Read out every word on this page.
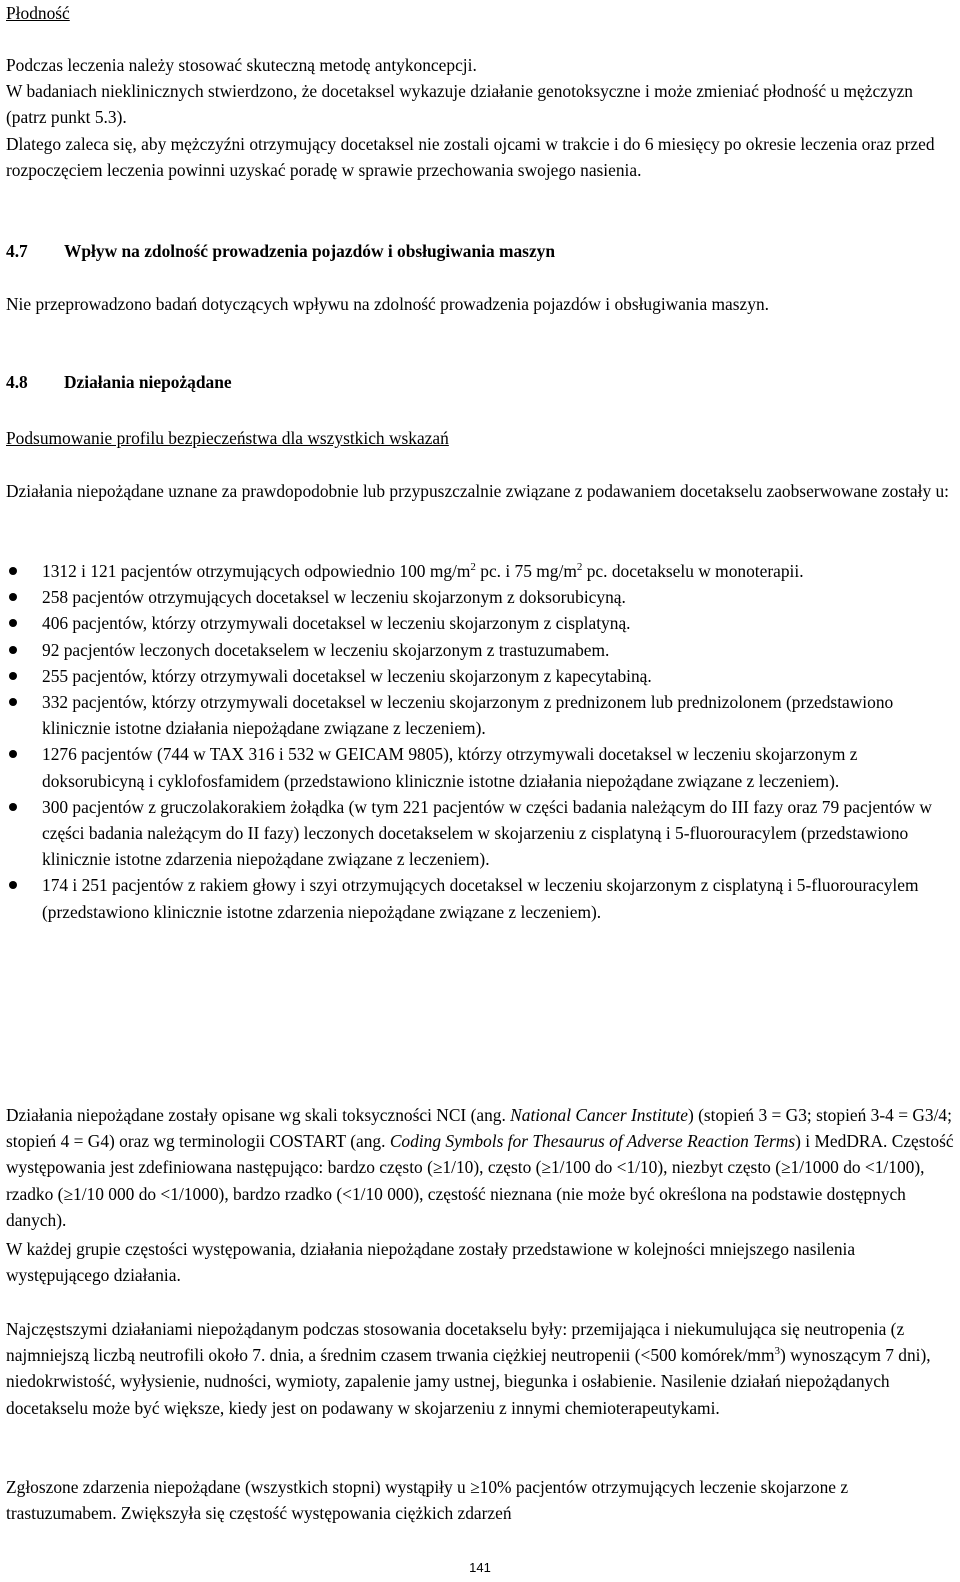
Płodność

Podczas leczenia należy stosować skuteczną metodę antykoncepcji.
W badaniach nieklinicznych stwierdzono, że docetaksel wykazuje działanie genotoksyczne i może zmieniać płodność u mężczyzn (patrz punkt 5.3).
Dlatego zaleca się, aby mężczyźni otrzymujący docetaksel nie zostali ojcami w trakcie i do 6 miesięcy po okresie leczenia oraz przed rozpoczęciem leczenia powinni uzyskać poradę w sprawie przechowania swojego nasienia.

4.7 Wpływ na zdolność prowadzenia pojazdów i obsługiwania maszyn

Nie przeprowadzono badań dotyczących wpływu na zdolność prowadzenia pojazdów i obsługiwania maszyn.

4.8 Działania niepożądane

Podsumowanie profilu bezpieczeństwa dla wszystkich wskazań

Działania niepożądane uznane za prawdopodobnie lub przypuszczalnie związane z podawaniem docetakselu zaobserwowane zostały u:

1312 i 121 pacjentów otrzymujących odpowiednio 100 $mg/m^2$ pc. i 75 $mg/m^2$ pc. docetakselu w monoterapii.
258 pacjentów otrzymujących docetaksel w leczeniu skojarzonym z doksorubicyną.
406 pacjentów, którzy otrzymywali docetaksel w leczeniu skojarzonym z cisplatyną.
92 pacjentów leczonych docetakselem w leczeniu skojarzonym z trastuzumabem.
255 pacjentów, którzy otrzymywali docetaksel w leczeniu skojarzonym z kapecytabiną.
332 pacjentów, którzy otrzymywali docetaksel w leczeniu skojarzonym z prednizonem lub prednizolonem (przedstawiono klinicznie istotne działania niepożądane związane z leczeniem).
1276 pacjentów (744 w TAX 316 i 532 w GEICAM 9805), którzy otrzymywali docetaksel w leczeniu skojarzonym z doksorubicyną i cyklofosfamidem (przedstawiono klinicznie istotne działania niepożądane związane z leczeniem).
300 pacjentów z gruczolakorakiem żołądka (w tym 221 pacjentów w części badania należącym do III fazy oraz 79 pacjentów w części badania należącym do II fazy) leczonych docetakselem w skojarzeniu z cisplatyną i 5-fluorouracylem (przedstawiono klinicznie istotne zdarzenia niepożądane związane z leczeniem).
174 i 251 pacjentów z rakiem głowy i szyi otrzymujących docetaksel w leczeniu skojarzonym z cisplatyną i 5-fluorouracylem (przedstawiono klinicznie istotne zdarzenia niepożądane związane z leczeniem).

Działania niepożądane zostały opisane wg skali toksyczności NCI (ang. National Cancer Institute) (stopień 3 = G3; stopień 3-4 = G3/4; stopień 4 = G4) oraz wg terminologii COSTART (ang. Coding Symbols for Thesaurus of Adverse Reaction Terms) i MedDRA. Częstość występowania jest zdefiniowana następująco: bardzo często (≥1/10), często (≥1/100 do <1/10), niezbyt często (≥1/1000 do <1/100), rzadko (≥1/10 000 do <1/1000), bardzo rzadko (<1/10 000), częstość nieznana (nie może być określona na podstawie dostępnych danych).

W każdej grupie częstości występowania, działania niepożądane zostały przedstawione w kolejności mniejszego nasilenia występującego działania.

Najczęstszymi działaniami niepożądanym podczas stosowania docetakselu były: przemijająca i niekumulująca się neutropenia (z najmniejszą liczbą neutrofili około 7. dnia, a średnim czasem trwania ciężkiej neutropenii (<500 komórek/$mm^3$) wynoszącym 7 dni), niedokrwistość, wyłysienie, nudności, wymioty, zapalenie jamy ustnej, biegunka i osłabienie. Nasilenie działań niepożądanych docetakselu może być większe, kiedy jest on podawany w skojarzeniu z innymi chemioterapeutykami.

Zgłoszone zdarzenia niepożądane (wszystkich stopni) wystąpiły u ≥10% pacjentów otrzymujących leczenie skojarzone z trastuzumabem. Zwiększyła się częstość występowania ciężkich zdarzeń

141
